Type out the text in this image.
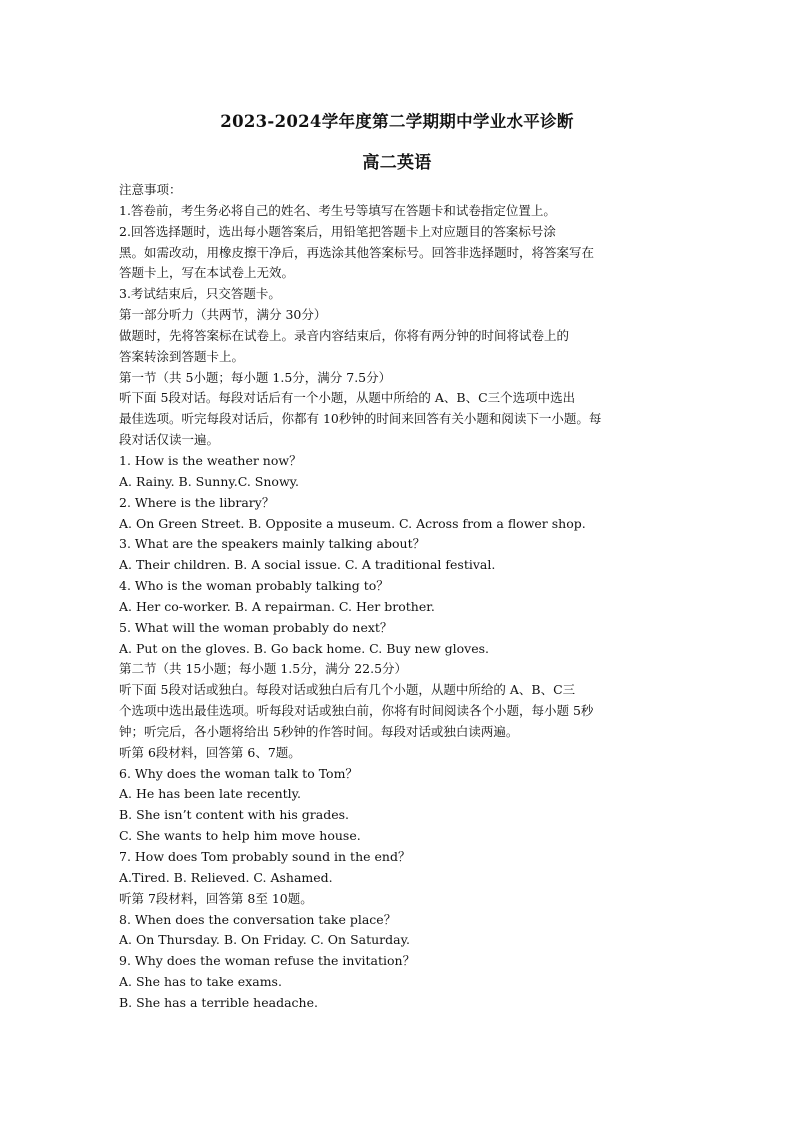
2023-2024学年度第二学期期中学业水平诊断
高二英语
注意事项：
1.答卷前，考生务必将自己的姓名、考生号等填写在答题卡和试卷指定位置上。
2.回答选择题时，选出每小题答案后，用铅笔把答题卡上对应题目的答案标号涂
黑。如需改动，用橡皮擦干净后，再选涂其他答案标号。回答非选择题时，将答案写在
答题卡上，写在本试卷上无效。
3.考试结束后，只交答题卡。
第一部分听力（共两节，满分 30分）
做题时，先将答案标在试卷上。录音内容结束后，你将有两分钟的时间将试卷上的
答案转涂到答题卡上。
第一节（共 5小题；每小题 1.5分，满分 7.5分）
听下面 5段对话。每段对话后有一个小题，从题中所给的 A、B、C三个选项中选出
最佳选项。听完每段对话后，你都有 10秒钟的时间来回答有关小题和阅读下一小题。每
段对话仅读一遍。
1. How is the weather now？
A. Rainy. B. Sunny.C. Snowy.
2. Where is the library？
A. On Green Street. B. Opposite a museum. C. Across from a flower shop.
3. What are the speakers mainly talking about？
A. Their children. B. A social issue. C. A traditional festival.
4. Who is the woman probably talking to？
A. Her co-worker. B. A repairman. C. Her brother.
5. What will the woman probably do next？
A. Put on the gloves. B. Go back home. C. Buy new gloves.
第二节（共 15小题；每小题 1.5分，满分 22.5分）
听下面 5段对话或独白。每段对话或独白后有几个小题，从题中所给的 A、B、C三
个选项中选出最佳选项。听每段对话或独白前，你将有时间阅读各个小题，每小题 5秒
钟；听完后，各小题将给出 5秒钟的作答时间。每段对话或独白读两遍。
听第 6段材料，回答第 6、7题。
6. Why does the woman talk to Tom？
A. He has been late recently.
B. She isn’t content with his grades.
C. She wants to help him move house.
7. How does Tom probably sound in the end？
A.Tired. B. Relieved. C. Ashamed.
听第 7段材料，回答第 8至 10题。
8. When does the conversation take place？
A. On Thursday. B. On Friday. C. On Saturday.
9. Why does the woman refuse the invitation？
A. She has to take exams.
B. She has a terrible headache.
